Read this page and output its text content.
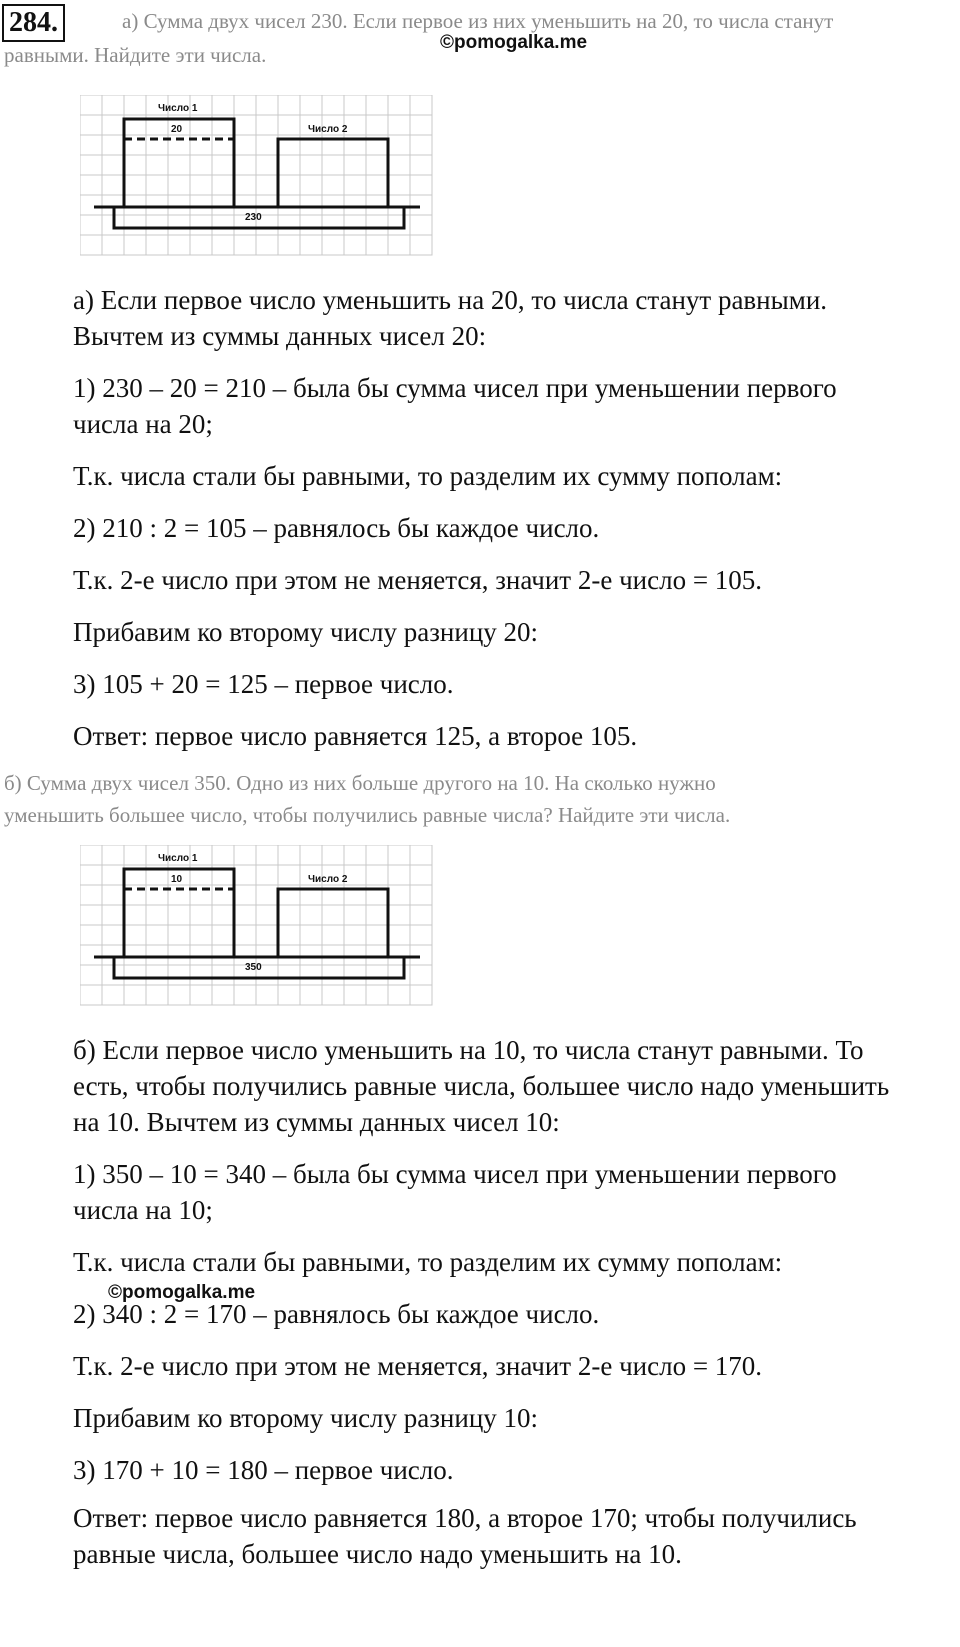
284.	а) Сумма двух чисел 230. Если первое из них уменьшить на 20, то числа станут
равными. Найдите эти числа.
©pomogalka.me
Число 1
20	Число 2
230
а) Если первое число уменьшить на 20, то числа станут равными.
Вычтем из суммы данных чисел 20:
1) 230 – 20 = 210 – была бы сумма чисел при уменьшении первого
числа на 20;
Т.к. числа стали бы равными, то разделим их сумму пополам:
2) 210 : 2 = 105 – равнялось бы каждое число.
Т.к. 2-е число при этом не меняется, значит 2-е число = 105.
Прибавим ко второму числу разницу 20:
3) 105 + 20 = 125 – первое число.
Ответ: первое число равняется 125, а второе 105.
б) Сумма двух чисел 350. Одно из них больше другого на 10. На сколько нужно
уменьшить большее число, чтобы получились равные числа? Найдите эти числа.
Число 1
10	Число 2
350
б) Если первое число уменьшить на 10, то числа станут равными. То
есть, чтобы получились равные числа, большее число надо уменьшить
на 10. Вычтем из суммы данных чисел 10:
1) 350 – 10 = 340 – была бы сумма чисел при уменьшении первого
числа на 10;
Т.к. числа стали бы равными, то разделим их сумму пополам:
©pomogalka.me
2) 340 : 2 = 170 – равнялось бы каждое число.
Т.к. 2-е число при этом не меняется, значит 2-е число = 170.
Прибавим ко второму числу разницу 10:
3) 170 + 10 = 180 – первое число.
Ответ: первое число равняется 180, а второе 170; чтобы получились
равные числа, большее число надо уменьшить на 10.
